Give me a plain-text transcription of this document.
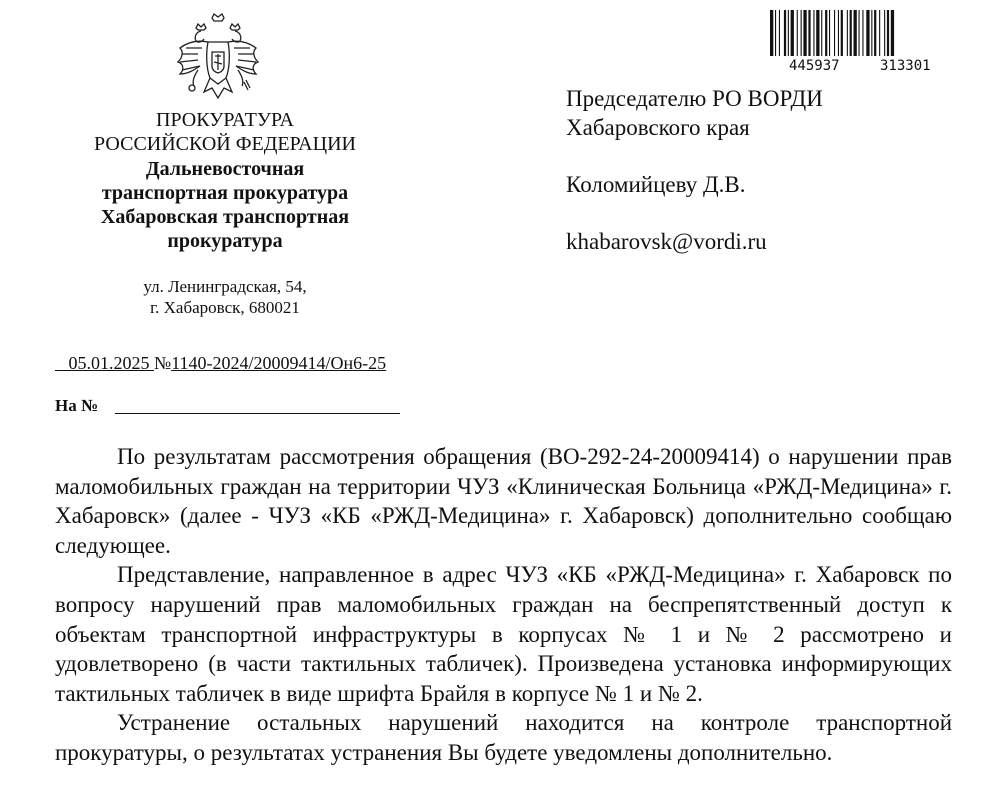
ПРОКУРАТУРА
РОССИЙСКОЙ ФЕДЕРАЦИИ
Дальневосточная
транспортная прокуратура
Хабаровская транспортная
прокуратура
ул. Ленинградская, 54,
г. Хабаровск, 680021
05.01.2025 №1140-2024/20009414/Он6-25
На №
445937	313301
Председателю РО ВОРДИ
Хабаровского края
Коломийцеву Д.В.
khabarovsk@vordi.ru

По результатам рассмотрения обращения (ВО-292-24-20009414) о нарушении прав маломобильных граждан на территории ЧУЗ «Клиническая Больница «РЖД-Медицина» г. Хабаровск» (далее - ЧУЗ «КБ «РЖД-Медицина» г. Хабаровск) дополнительно сообщаю следующее.

Представление, направленное в адрес ЧУЗ «КБ «РЖД-Медицина» г. Хабаровск по вопросу нарушений прав маломобильных граждан на беспрепятственный доступ к объектам транспортной инфраструктуры в корпусах № 1 и № 2 рассмотрено и удовлетворено (в части тактильных табличек). Произведена установка информирующих тактильных табличек в виде шрифта Брайля в корпусе № 1 и № 2.

Устранение остальных нарушений находится на контроле транспортной прокуратуры, о результатах устранения Вы будете уведомлены дополнительно.
